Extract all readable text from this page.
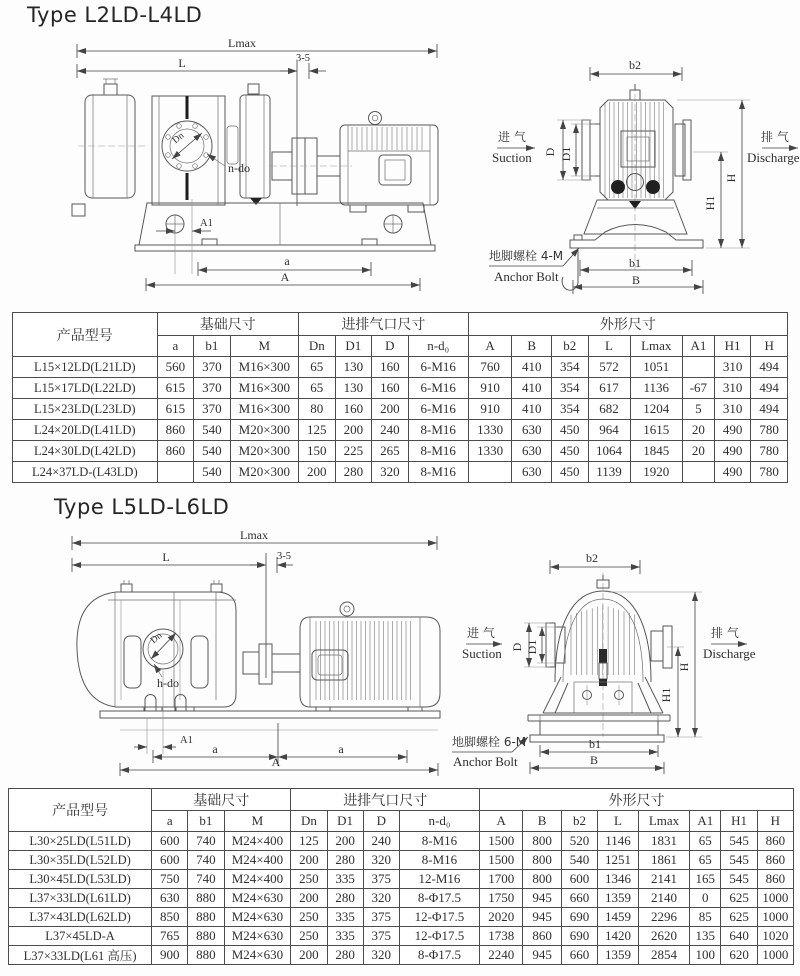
Type L2LD-L4LD
Lmax
L	3-5
Dn
n-do
A1
a
A
b2
D D1
H
H1
b1
B
进 气
Suction
排 气
Discharge
地脚螺栓 4-M
Anchor Bolt
产品型号	基础尺寸			进排气口尺寸				外形尺寸							
	a	b1	M	Dn	D1	D	n-d₀	A	B	b2	L	Lmax	A1	H1	H
L15×12LD(L21LD)	560	370	M16×300	65	130	160	6-M16	760	410	354	572	1051		310	494
L15×17LD(L22LD)	615	370	M16×300	65	130	160	6-M16	910	410	354	617	1136	-67	310	494
L15×23LD(L23LD)	615	370	M16×300	80	160	200	6-M16	910	410	354	682	1204	5	310	494
L24×20LD(L41LD)	860	540	M20×300	125	200	240	8-M16	1330	630	450	964	1615	20	490	780
L24×30LD(L42LD)	860	540	M20×300	150	225	265	8-M16	1330	630	450	1064	1845	20	490	780
L24×37LD-(L43LD)		540	M20×300	200	280	320	8-M16		630	450	1139	1920		490	780
Type L5LD-L6LD
Lmax
L	3-5
Dn
h-do
A1
a	a
A
b2
D D1
H
H1
b1
B
进 气
Suction
排 气
Discharge
地脚螺栓 6-M
Anchor Bolt
产品型号	基础尺寸			进排气口尺寸				外形尺寸							
	a	b1	M	Dn	D1	D	n-d₀	A	B	b2	L	Lmax	A1	H1	H
L30×25LD(L51LD)	600	740	M24×400	125	200	240	8-M16	1500	800	520	1146	1831	65	545	860
L30×35LD(L52LD)	600	740	M24×400	200	280	320	8-M16	1500	800	540	1251	1861	65	545	860
L30×45LD(L53LD)	750	740	M24×400	250	335	375	12-M16	1700	800	600	1346	2141	165	545	860
L37×33LD(L61LD)	630	880	M24×630	200	280	320	8-Φ17.5	1750	945	660	1359	2140	0	625	1000
L37×43LD(L62LD)	850	880	M24×630	250	335	375	12-Φ17.5	2020	945	690	1459	2296	85	625	1000
L37×45LD-A	765	880	M24×630	250	335	375	12-Φ17.5	1738	860	690	1420	2620	135	640	1020
L37×33LD(L61 高压)	900	880	M24×630	200	280	320	8-Φ17.5	2240	945	660	1359	2854	100	620	1000
